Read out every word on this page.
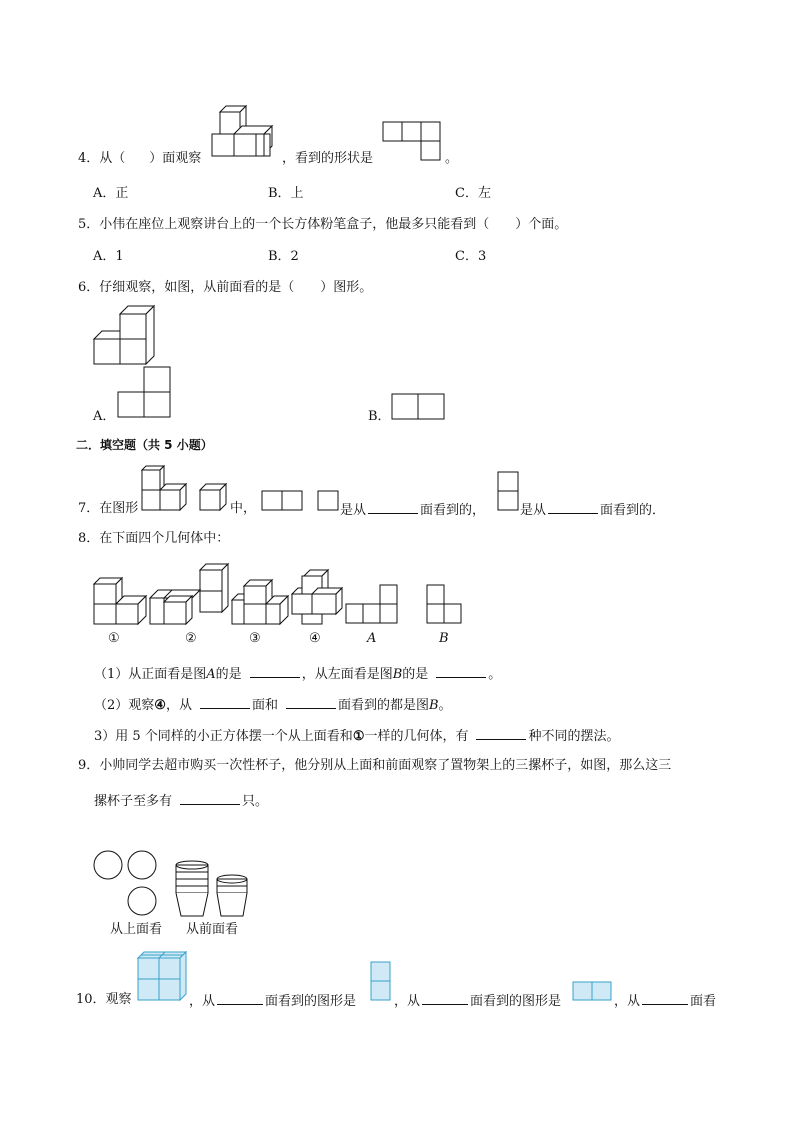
4．从（ ）面观察	，看到的形状是	。
A．正	B．上	C．左
5．小伟在座位上观察讲台上的一个长方体粉笔盒子，他最多只能看到（　　）个面。
A．1	B．2	C．3
6．仔细观察，如图，从前面看的是（　　）图形。
A．	B．
二．填空题（共 5 小题）
7．在图形	中，	是从	面看到的，	是从	面看到的．
8．在下面四个几何体中：
①	②	③	④	A	B
（1）从正面看是图A的是	，从左面看是图B的是	。
（2）观察④，从	面和	面看到的都是图B。
3）用 5 个同样的小正方体摆一个从上面看和①一样的几何体，有	种不同的摆法。
9．小帅同学去超市购买一次性杯子，他分别从上面和前面观察了置物架上的三摞杯子，如图，那么这三
摞杯子至多有	只。
从上面看 从前面看
10．观察	，从	面看到的图形是	，从	面看到的图形是	，从	面看
